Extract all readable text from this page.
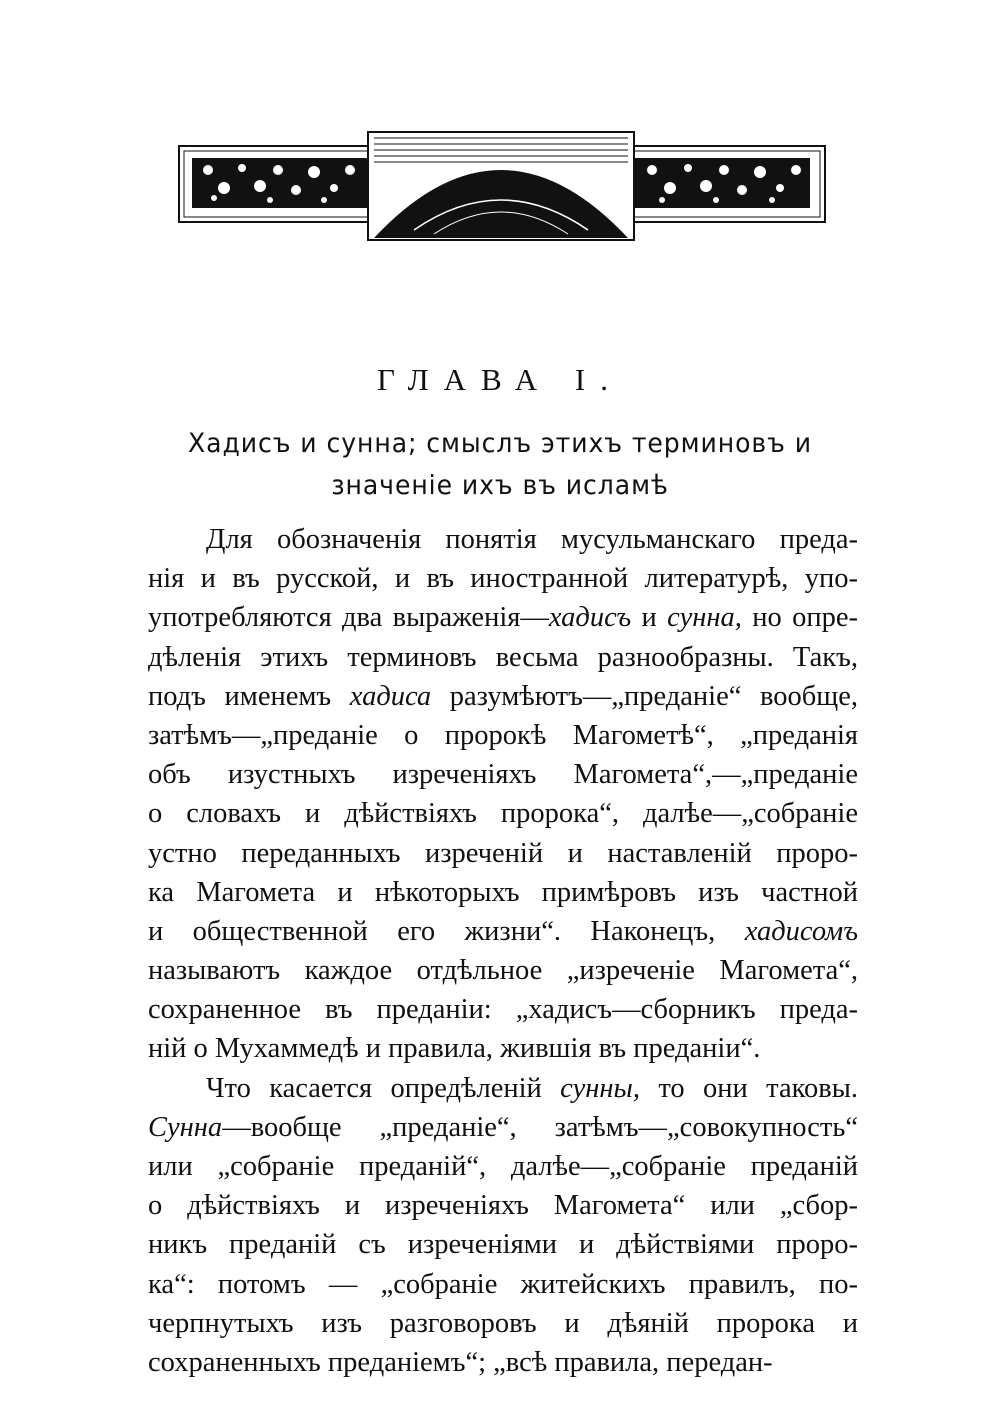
ГЛАВА I.
Хадисъ и сунна; смыслъ этихъ терминовъ и
значеніе ихъ въ исламѣ
Для обозначенія понятія мусульманскаго преда-
нія и въ русской, и въ иностранной литературѣ, упо-
употребляются два выраженія—хадисъ и сунна, но опре-
дѣленія этихъ терминовъ весьма разнообразны. Такъ,
подъ именемъ хадиса разумѣютъ—„преданіе“ вообще,
затѣмъ—„преданіе о пророкѣ Магометѣ“, „преданія
объ изустныхъ изреченіяхъ Магомета“,—„преданіе
о словахъ и дѣйствіяхъ пророка“, далѣе—„собраніе
устно переданныхъ изреченій и наставленій проро-
ка Магомета и нѣкоторыхъ примѣровъ изъ частной
и общественной его жизни“. Наконецъ, хадисомъ
называютъ каждое отдѣльное „изреченіе Магомета“,
сохраненное въ преданіи: „хадисъ—сборникъ преда-
ній о Мухаммедѣ и правила, жившія въ преданіи“.
Что касается опредѣленій сунны, то они таковы.
Сунна—вообще „преданіе“, затѣмъ—„совокупность“
или „собраніе преданій“, далѣе—„собраніе преданій
о дѣйствіяхъ и изреченіяхъ Магомета“ или „сбор-
никъ преданій съ изреченіями и дѣйствіями проро-
ка“: потомъ — „собраніе житейскихъ правилъ, по-
черпнутыхъ изъ разговоровъ и дѣяній пророка и
сохраненныхъ преданіемъ“; „всѣ правила, передан-
